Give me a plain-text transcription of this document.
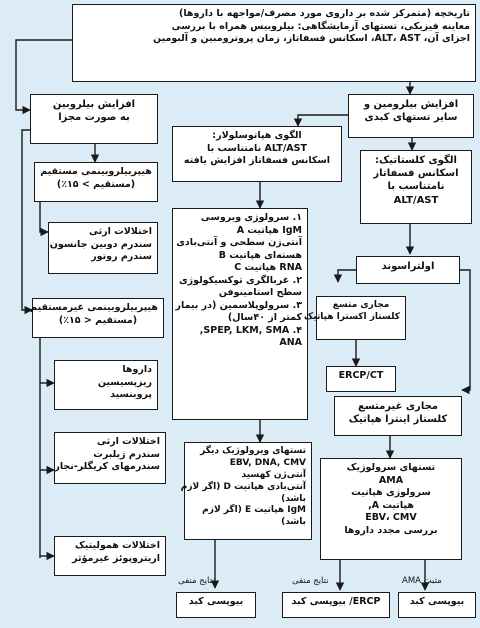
تاریخچه (متمرکز شده بر داروی مورد مصرف/مواجهه با داروها)
معاینه فیزیکی، تستهای آزمایشگاهی: بیلروبیس همراه با بررسی
اجزای آن، ALT، AST، اسکانس فسفاتاز، زمان پروترومبین و آلبومین
افزایش بیلروبین
به صورت مجزا
افزایش بیلرومین و
سایر تستهای کبدی
هیپربیلروبینمی مستقیم
(مستقیم > ۱۵٪)
اختلالات ارثی
سندرم دوبین جانسون
سندرم روتور
هیپربیلروبینمی غیرمستقیم
(مستقیم < ۱۵٪)
داروها
ریزپسیسین
پروبنسید
اختلالات ارثی
سندرم ژیلبرت
سندرمهای کریگلر-نجار
اختلالات همولیتیک
اریتروپوئز غیرمؤثر
الگوی هپاتوسلولار:
ALT/AST نامتناسب با
اسکانس فسفاتاز افزایش یافته	الگوی کلستاتیک:
اسکانس فسفاتاز
نامتناسب با
ALT/AST
۱. سرولوژی ویروسی
IgM هپاتیت A
آنتی‌ژن سطحی و آنتی‌بادی
هسته‌ای هپاتیت B
RNA هپاتیت C
۲. غربالگری توکسیکولوژی
سطح استامینوفن
۳. سرولوپلاسمین (در بیمار
کمتر از ۴۰سال)
۴. SPEP, LKM, SMA,
ANA
اولتراسوند
مجاری متسع
کلستاز اکسترا هپاتیک
ERCP/CT
مجاری غیرمتسع
کلستاز اینترا هپاتیک
تستهای ویرولوژیک دیگر
EBV, DNA, CMV
آنتی‌ژن کهسید
آنتی‌بادی هپاتیت D (اگر لازم
باشد)
IgM هپاتیت E (اگر لازم
باشد)
تستهای سرولوژیک
AMA
سرولوژی هپاتیت
هپاتیت A,
EBV، CMV
بررسی مجدد داروها
نتایج منفی	نتایج منفی	مثبت AMA
بیوپسی کبد	ERCP/ بیوپسی کبد	بیوپسی کبد
